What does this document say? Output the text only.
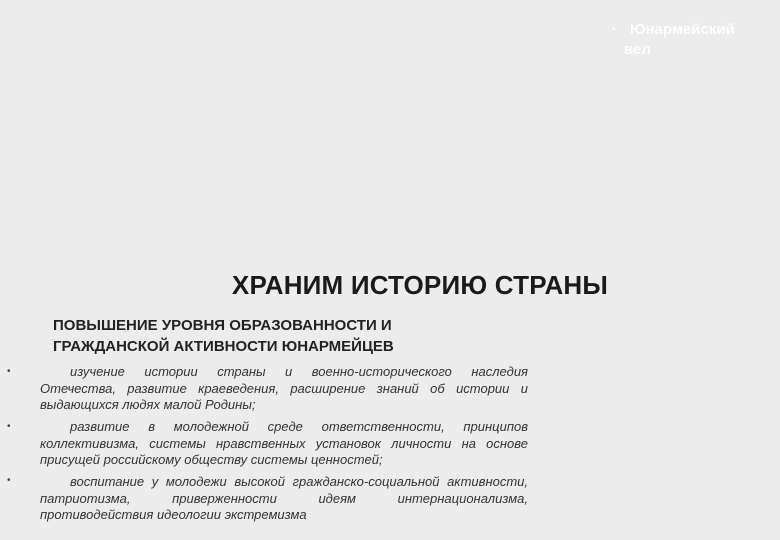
• Юнармейский
вел
ХРАНИМ ИСТОРИЮ СТРАНЫ
ПОВЫШЕНИЕ УРОВНЯ ОБРАЗОВАННОСТИ И
ГРАЖДАНСКОЙ АКТИВНОСТИ ЮНАРМЕЙЦЕВ
•	изучение истории страны и военно-исторического наследия Отечества, развитие краеведения, расширение знаний об истории и выдающихся людях малой Родины;
•	развитие в молодежной среде ответственности, принципов коллективизма, системы нравственных установок личности на основе присущей российскому обществу системы ценностей;
•	воспитание у молодежи высокой гражданско-социальной активности, патриотизма, приверженности идеям интернационализма, противодействия идеологии экстремизма
